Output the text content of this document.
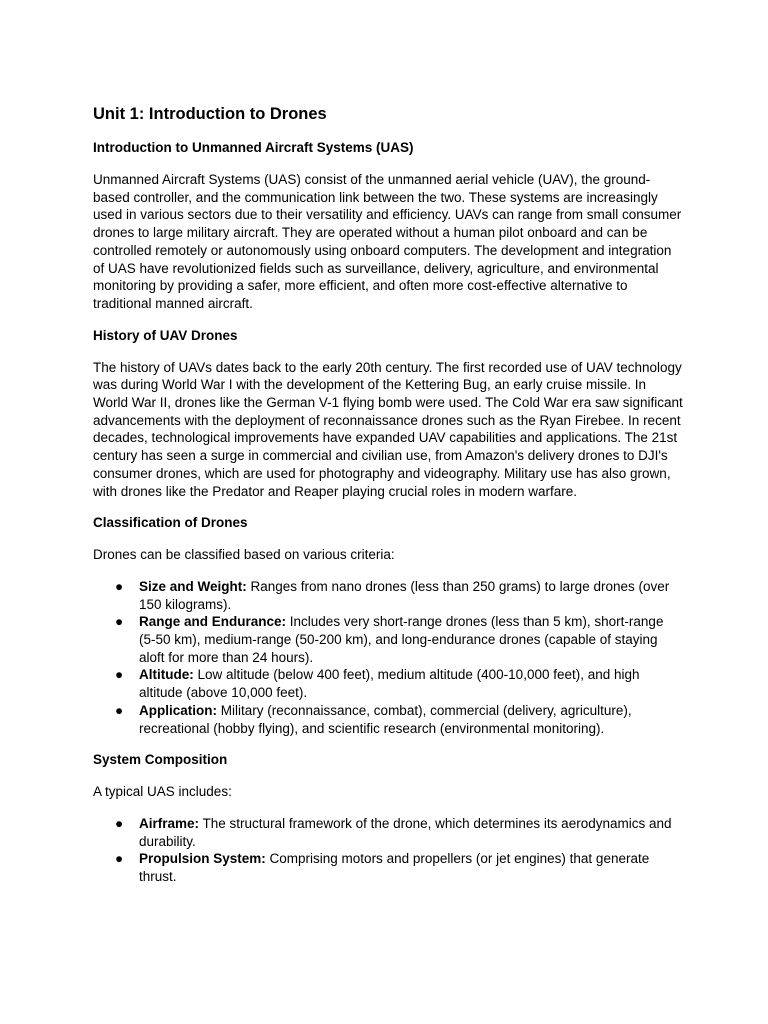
Unit 1: Introduction to Drones
Introduction to Unmanned Aircraft Systems (UAS)

Unmanned Aircraft Systems (UAS) consist of the unmanned aerial vehicle (UAV), the ground-based controller, and the communication link between the two. These systems are increasingly used in various sectors due to their versatility and efficiency. UAVs can range from small consumer drones to large military aircraft. They are operated without a human pilot onboard and can be controlled remotely or autonomously using onboard computers. The development and integration of UAS have revolutionized fields such as surveillance, delivery, agriculture, and environmental monitoring by providing a safer, more efficient, and often more cost-effective alternative to traditional manned aircraft.

History of UAV Drones

The history of UAVs dates back to the early 20th century. The first recorded use of UAV technology was during World War I with the development of the Kettering Bug, an early cruise missile. In World War II, drones like the German V-1 flying bomb were used. The Cold War era saw significant advancements with the deployment of reconnaissance drones such as the Ryan Firebee. In recent decades, technological improvements have expanded UAV capabilities and applications. The 21st century has seen a surge in commercial and civilian use, from Amazon's delivery drones to DJI's consumer drones, which are used for photography and videography. Military use has also grown, with drones like the Predator and Reaper playing crucial roles in modern warfare.

Classification of Drones

Drones can be classified based on various criteria:

● Size and Weight: Ranges from nano drones (less than 250 grams) to large drones (over 150 kilograms).
● Range and Endurance: Includes very short-range drones (less than 5 km), short-range (5-50 km), medium-range (50-200 km), and long-endurance drones (capable of staying aloft for more than 24 hours).
● Altitude: Low altitude (below 400 feet), medium altitude (400-10,000 feet), and high altitude (above 10,000 feet).
● Application: Military (reconnaissance, combat), commercial (delivery, agriculture), recreational (hobby flying), and scientific research (environmental monitoring).
System Composition

A typical UAS includes:

● Airframe: The structural framework of the drone, which determines its aerodynamics and durability.
● Propulsion System: Comprising motors and propellers (or jet engines) that generate thrust.
